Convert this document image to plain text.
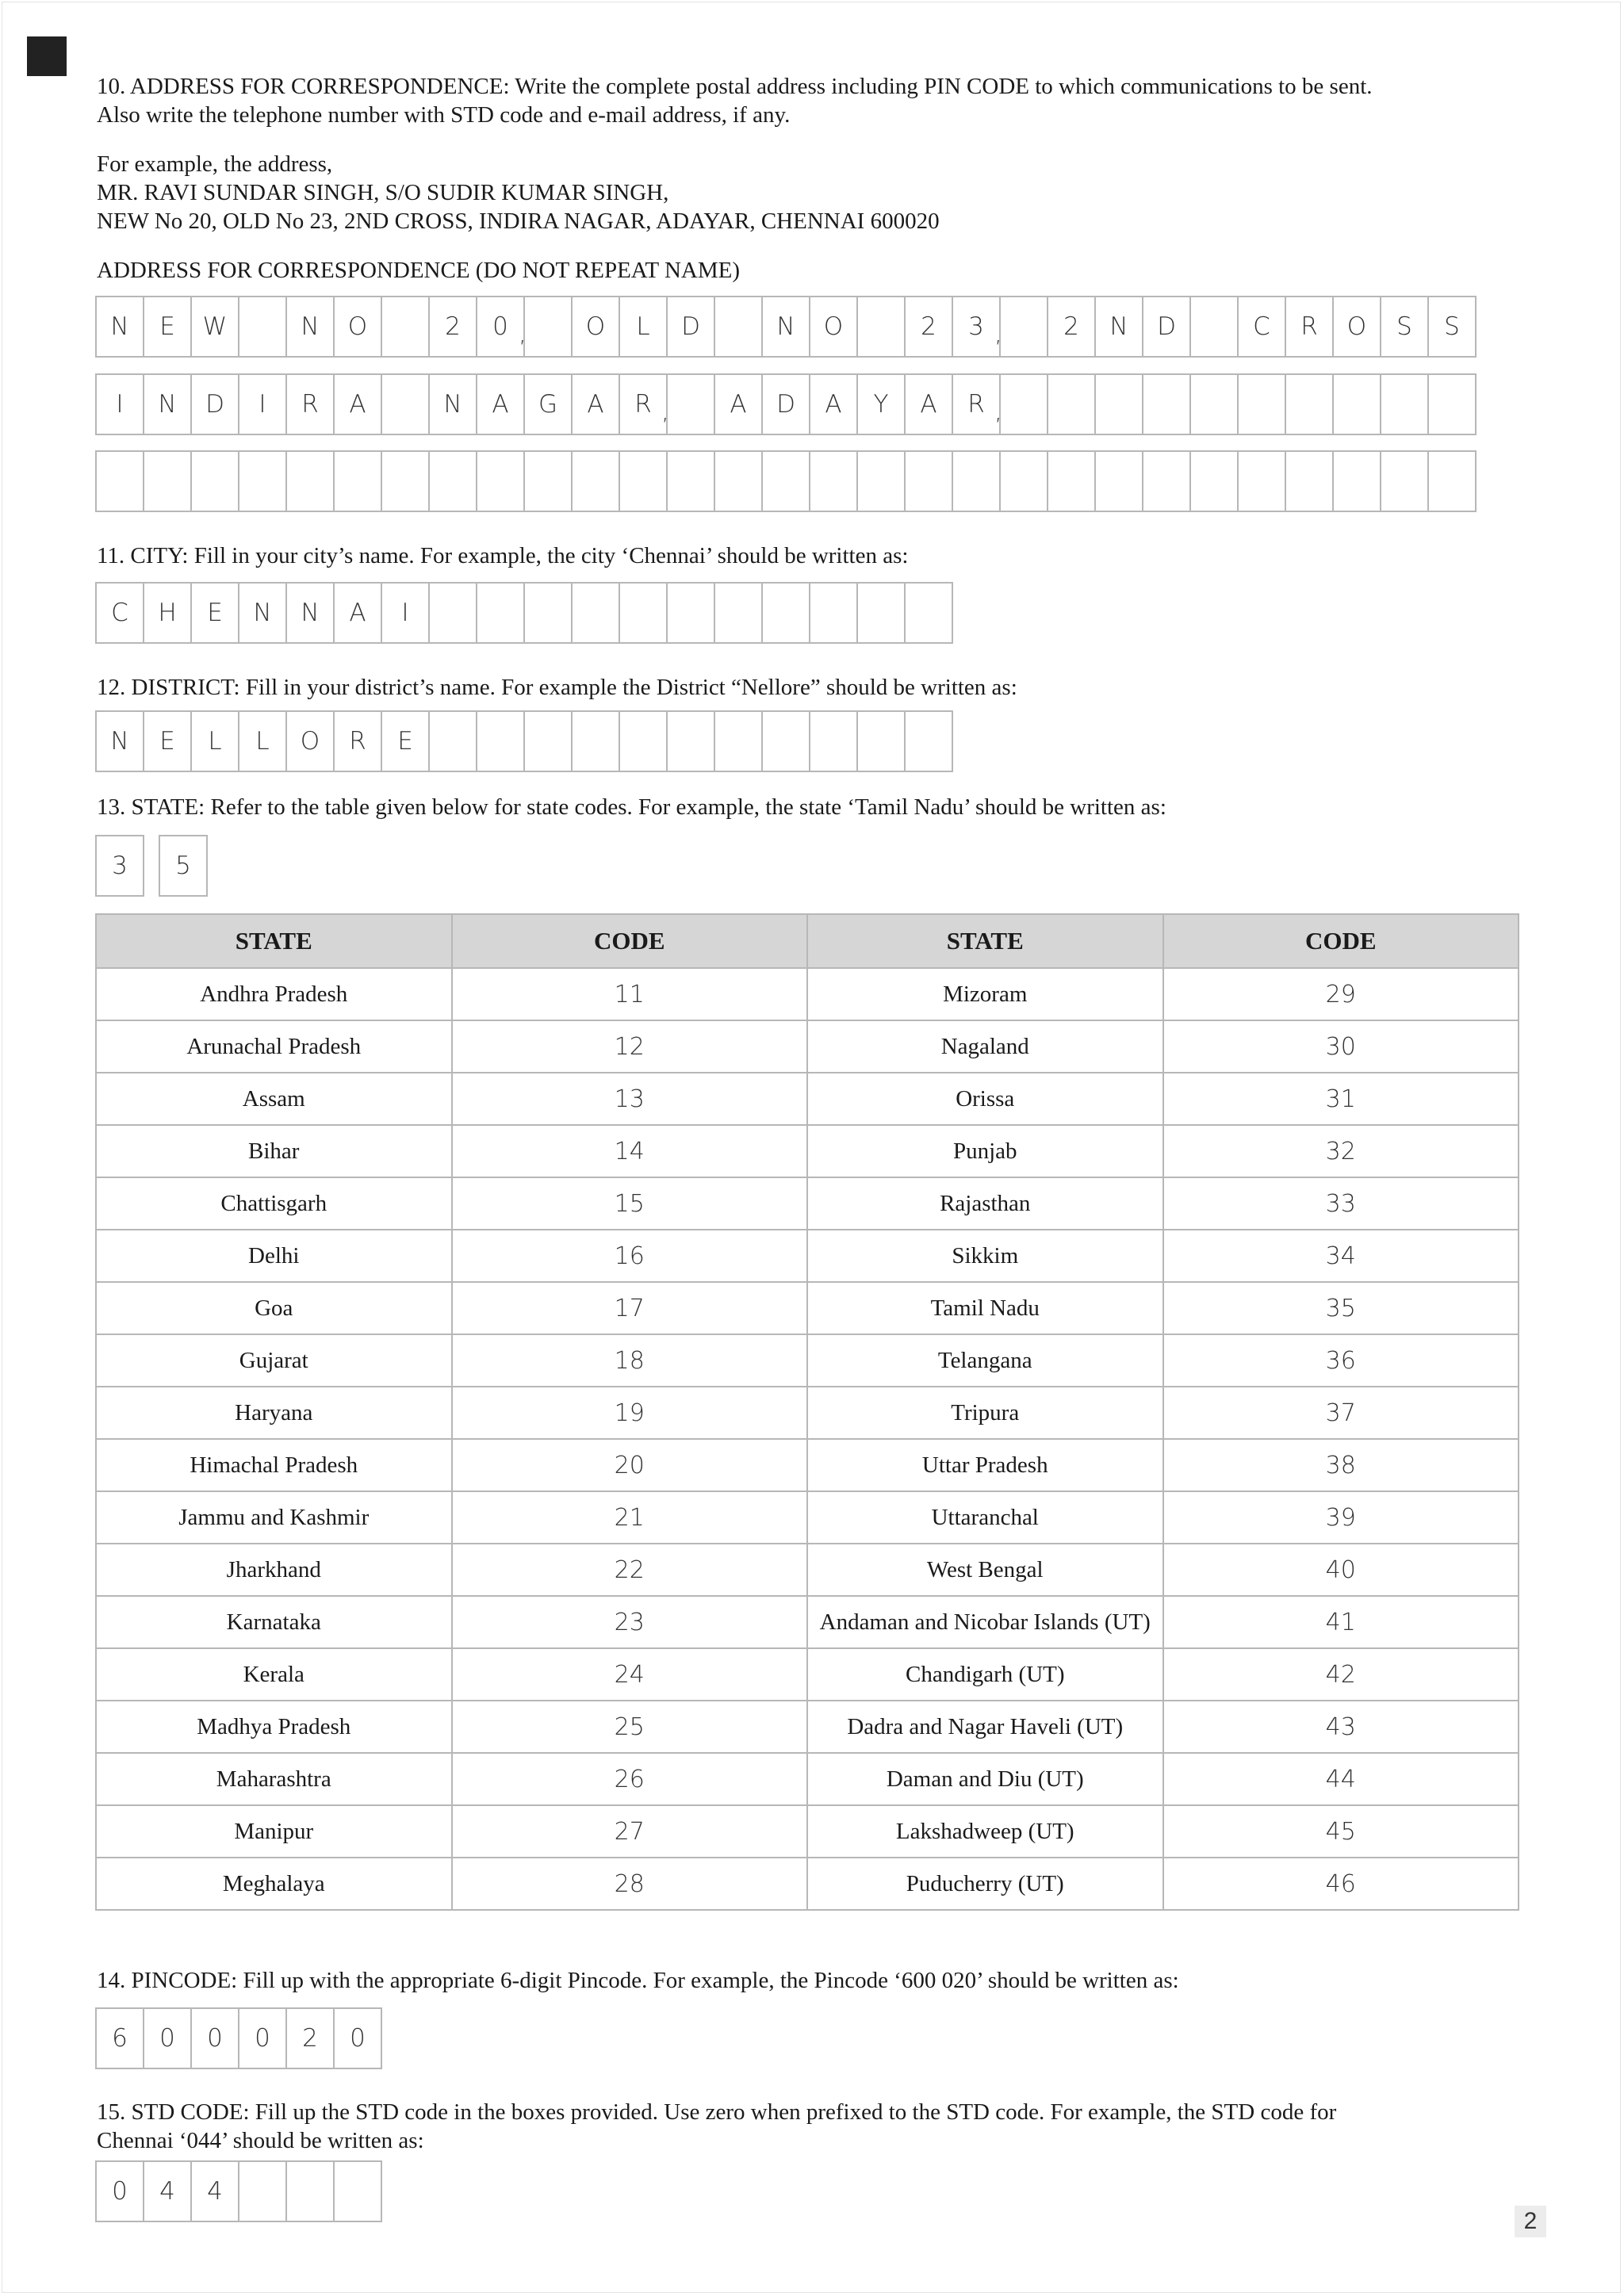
10. ADDRESS FOR CORRESPONDENCE: Write the complete postal address including PIN CODE to which communications to be sent.
Also write the telephone number with STD code and e-mail address, if any.
For example, the address,
MR. RAVI SUNDAR SINGH, S/O SUDIR KUMAR SINGH,
NEW No 20, OLD No 23, 2ND CROSS, INDIRA NAGAR, ADAYAR, CHENNAI 600020
ADDRESS FOR CORRESPONDENCE (DO NOT REPEAT NAME)
N E W	N O	2 0 , O L D	N O	2 3 , 2 N D	C R O S S
I N D I R A	N A G A R , A D A Y A R ,
11. CITY: Fill in your city’s name. For example, the city ‘Chennai’ should be written as:
C H E N N A I
12. DISTRICT: Fill in your district’s name. For example the District “Nellore” should be written as:
N E L L O R E
13. STATE: Refer to the table given below for state codes. For example, the state ‘Tamil Nadu’ should be written as:
3 5
STATE	CODE	STATE	CODE
Andhra Pradesh	11	Mizoram	29
Arunachal Pradesh	12	Nagaland	30
Assam	13	Orissa	31
Bihar	14	Punjab	32
Chattisgarh	15	Rajasthan	33
Delhi	16	Sikkim	34
Goa	17	Tamil Nadu	35
Gujarat	18	Telangana	36
Haryana	19	Tripura	37
Himachal Pradesh	20	Uttar Pradesh	38
Jammu and Kashmir	21	Uttaranchal	39
Jharkhand	22	West Bengal	40
Karnataka	23	Andaman and Nicobar Islands (UT)	41
Kerala	24	Chandigarh (UT)	42
Madhya Pradesh	25	Dadra and Nagar Haveli (UT)	43
Maharashtra	26	Daman and Diu (UT)	44
Manipur	27	Lakshadweep (UT)	45
Meghalaya	28	Puducherry (UT)	46
14. PINCODE: Fill up with the appropriate 6-digit Pincode. For example, the Pincode ‘600 020’ should be written as:
6 0 0 0 2 0
15. STD CODE: Fill up the STD code in the boxes provided. Use zero when prefixed to the STD code. For example, the STD code for
Chennai ‘044’ should be written as:
0 4 4
2
